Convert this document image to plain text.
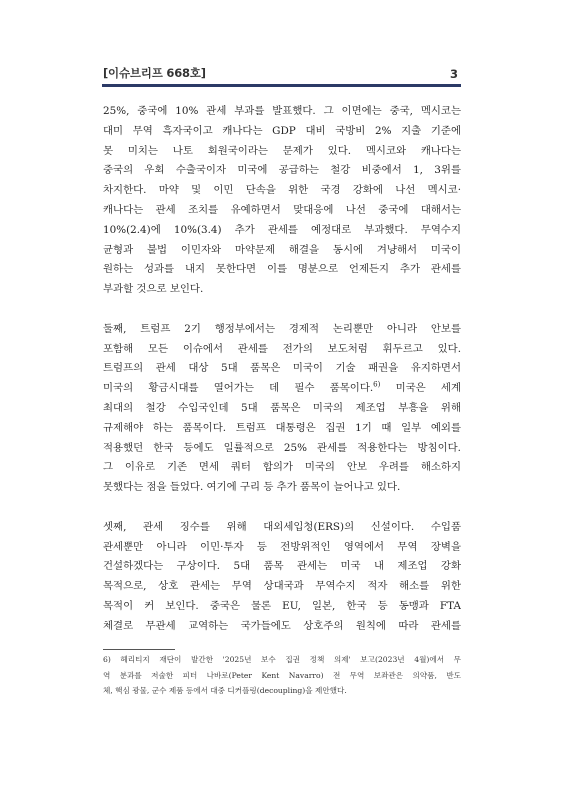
[이슈브리프 668호]	3

25%, 중국에 10% 관세 부과를 발표했다. 그 이면에는 중국, 멕시코는
대미 무역 흑자국이고 캐나다는 GDP 대비 국방비 2% 지출 기준에
못 미치는 나토 회원국이라는 문제가 있다. 멕시코와 캐나다는
중국의 우회 수출국이자 미국에 공급하는 철강 비중에서 1, 3위를
차지한다. 마약 및 이민 단속을 위한 국경 강화에 나선 멕시코·
캐나다는 관세 조치를 유예하면서 맞대응에 나선 중국에 대해서는
10%(2.4)에 10%(3.4) 추가 관세를 예정대로 부과했다. 무역수지
균형과 불법 이민자와 마약문제 해결을 동시에 겨냥해서 미국이
원하는 성과를 내지 못한다면 이를 명분으로 언제든지 추가 관세를
부과할 것으로 보인다.

둘째, 트럼프 2기 행정부에서는 경제적 논리뿐만 아니라 안보를
포함해 모든 이슈에서 관세를 전가의 보도처럼 휘두르고 있다.
트럼프의 관세 대상 5대 품목은 미국이 기술 패권을 유지하면서
미국의 황금시대를 열어가는 데 필수 품목이다.$^{6)}$ 미국은 세계
최대의 철강 수입국인데 5대 품목은 미국의 제조업 부흥을 위해
규제해야 하는 품목이다. 트럼프 대통령은 집권 1기 때 일부 예외를
적용했던 한국 등에도 일률적으로 25% 관세를 적용한다는 방침이다.
그 이유로 기존 면세 쿼터 합의가 미국의 안보 우려를 해소하지
못했다는 점을 들었다. 여기에 구리 등 추가 품목이 늘어나고 있다.

셋째, 관세 징수를 위해 대외세입청(ERS)의 신설이다. 수입품
관세뿐만 아니라 이민·투자 등 전방위적인 영역에서 무역 장벽을
건설하겠다는 구상이다. 5대 품목 관세는 미국 내 제조업 강화
목적으로, 상호 관세는 무역 상대국과 무역수지 적자 해소를 위한
목적이 커 보인다. 중국은 물론 EU, 일본, 한국 등 동맹과 FTA
체결로 무관세 교역하는 국가들에도 상호주의 원칙에 따라 관세를

6) 헤리티지 재단이 발간한 '2025년 보수 집권 정책 의제' 보고(2023년 4월)에서 무
역 분과를 저술한 피터 나바로(Peter Kent Navarro) 전 무역 보좌관은 의약품, 반도
체, 핵심 광물, 군수 제품 등에서 대중 디커플링(decoupling)을 제안했다.
